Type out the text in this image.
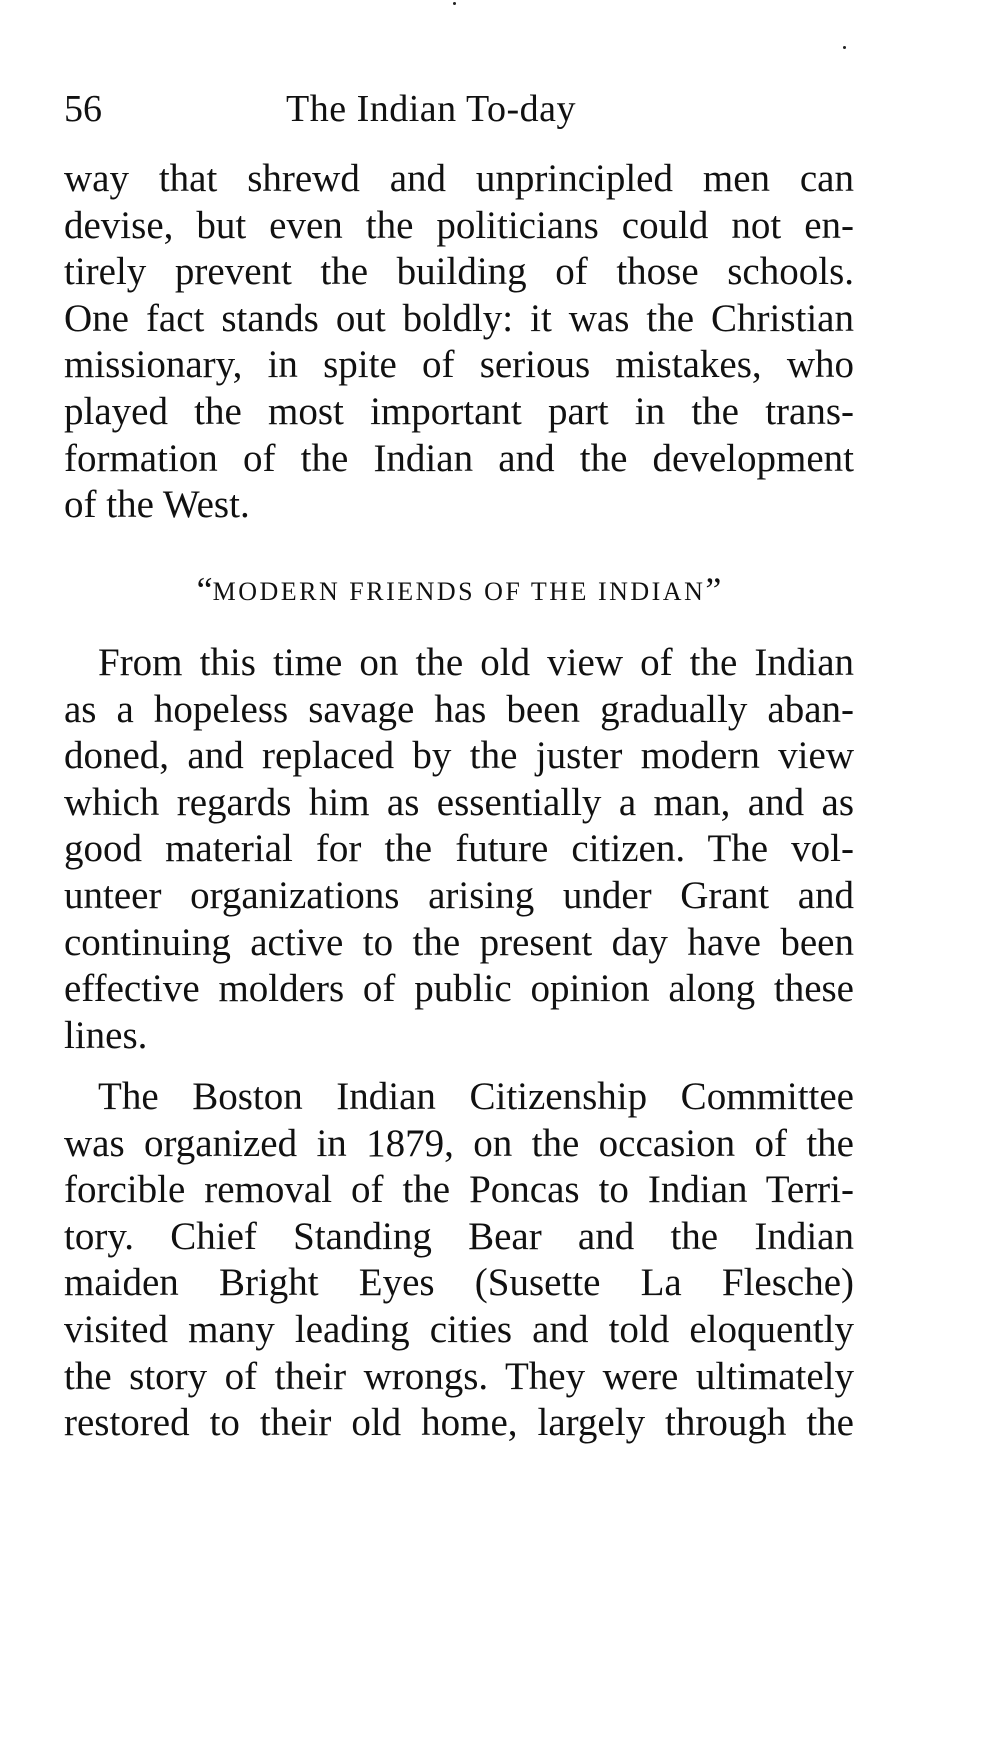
56	The Indian To-day
way that shrewd and unprincipled men can
devise, but even the politicians could not en-
tirely prevent the building of those schools.
One fact stands out boldly: it was the Christian
missionary, in spite of serious mistakes, who
played the most important part in the trans-
formation of the Indian and the development
of the West.
“MODERN FRIENDS OF THE INDIAN”
From this time on the old view of the Indian
as a hopeless savage has been gradually aban-
doned, and replaced by the juster modern view
which regards him as essentially a man, and as
good material for the future citizen. The vol-
unteer organizations arising under Grant and
continuing active to the present day have been
effective molders of public opinion along these
lines.
The Boston Indian Citizenship Committee
was organized in 1879, on the occasion of the
forcible removal of the Poncas to Indian Terri-
tory. Chief Standing Bear and the Indian
maiden Bright Eyes (Susette La Flesche)
visited many leading cities and told eloquently
the story of their wrongs. They were ultimately
restored to their old home, largely through the
